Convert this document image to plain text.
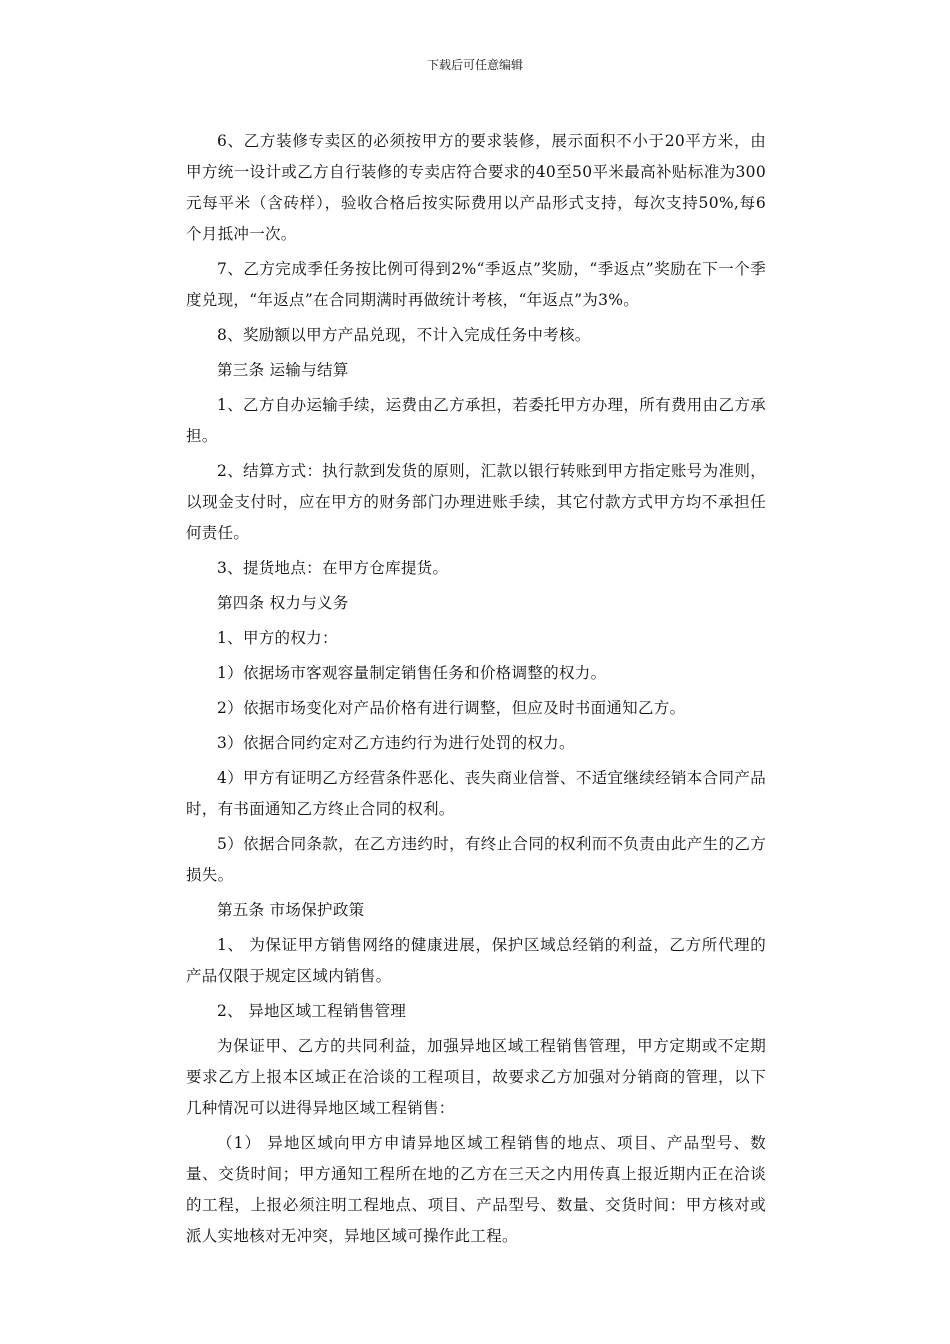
下载后可任意编辑

6、乙方装修专卖区的必须按甲方的要求装修，展示面积不小于20平方米，由甲方统一设计或乙方自行装修的专卖店符合要求的40至50平米最高补贴标准为300元每平米（含砖样），验收合格后按实际费用以产品形式支持，每次支持50%,每6个月抵冲一次。

7、乙方完成季任务按比例可得到2%“季返点”奖励，“季返点”奖励在下一个季度兑现，“年返点”在合同期满时再做统计考核，“年返点”为3%。

8、奖励额以甲方产品兑现，不计入完成任务中考核。

第三条 运输与结算

1、乙方自办运输手续，运费由乙方承担，若委托甲方办理，所有费用由乙方承担。

2、结算方式：执行款到发货的原则，汇款以银行转账到甲方指定账号为准则，以现金支付时，应在甲方的财务部门办理进账手续，其它付款方式甲方均不承担任何责任。

3、提货地点：在甲方仓库提货。

第四条 权力与义务

1、甲方的权力：

1）依据场市客观容量制定销售任务和价格调整的权力。

2）依据市场变化对产品价格有进行调整，但应及时书面通知乙方。

3）依据合同约定对乙方违约行为进行处罚的权力。

4）甲方有证明乙方经营条件恶化、丧失商业信誉、不适宜继续经销本合同产品时，有书面通知乙方终止合同的权利。

5）依据合同条款，在乙方违约时，有终止合同的权利而不负责由此产生的乙方损失。

第五条 市场保护政策

1、 为保证甲方销售网络的健康进展，保护区域总经销的利益，乙方所代理的产品仅限于规定区域内销售。

2、 异地区域工程销售管理

为保证甲、乙方的共同利益，加强异地区域工程销售管理，甲方定期或不定期要求乙方上报本区域正在洽谈的工程项目，故要求乙方加强对分销商的管理，以下几种情况可以进得异地区域工程销售：

（1） 异地区域向甲方申请异地区域工程销售的地点、项目、产品型号、数量、交货时间；甲方通知工程所在地的乙方在三天之内用传真上报近期内正在洽谈的工程，上报必须注明工程地点、项目、产品型号、数量、交货时间：甲方核对或派人实地核对无冲突，异地区域可操作此工程。
